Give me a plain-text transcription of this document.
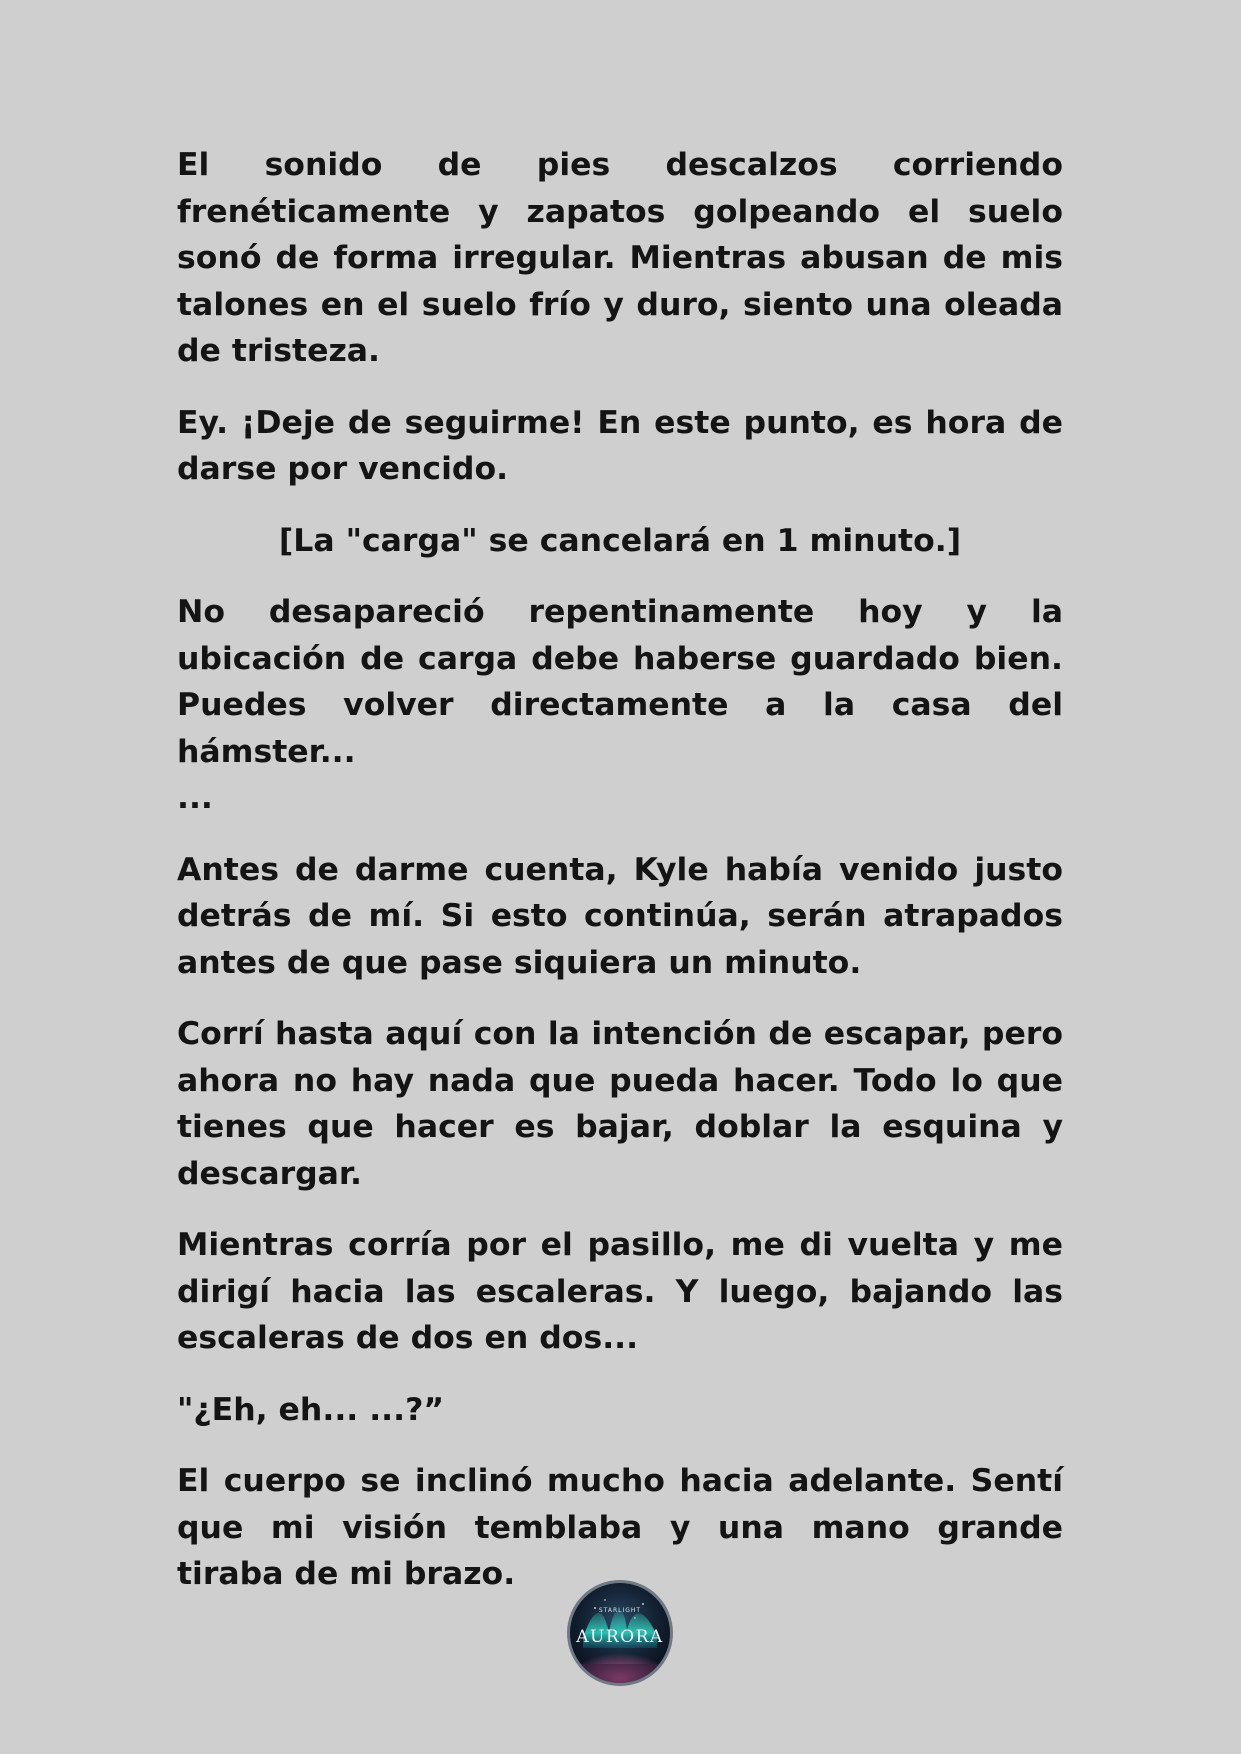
El sonido de pies descalzos corriendo frenéticamente y zapatos golpeando el suelo sonó de forma irregular. Mientras abusan de mis talones en el suelo frío y duro, siento una oleada de tristeza.

Ey. ¡Deje de seguirme! En este punto, es hora de darse por vencido.

[La "carga" se cancelará en 1 minuto.]

No desapareció repentinamente hoy y la ubicación de carga debe haberse guardado bien. Puedes volver directamente a la casa del hámster...
...

Antes de darme cuenta, Kyle había venido justo detrás de mí. Si esto continúa, serán atrapados antes de que pase siquiera un minuto.

Corrí hasta aquí con la intención de escapar, pero ahora no hay nada que pueda hacer. Todo lo que tienes que hacer es bajar, doblar la esquina y descargar.

Mientras corría por el pasillo, me di vuelta y me dirigí hacia las escaleras. Y luego, bajando las escaleras de dos en dos...

"¿Eh, eh... ...?”

El cuerpo se inclinó mucho hacia adelante. Sentí que mi visión temblaba y una mano grande tiraba de mi brazo.

STARLIGHT
AURORA
